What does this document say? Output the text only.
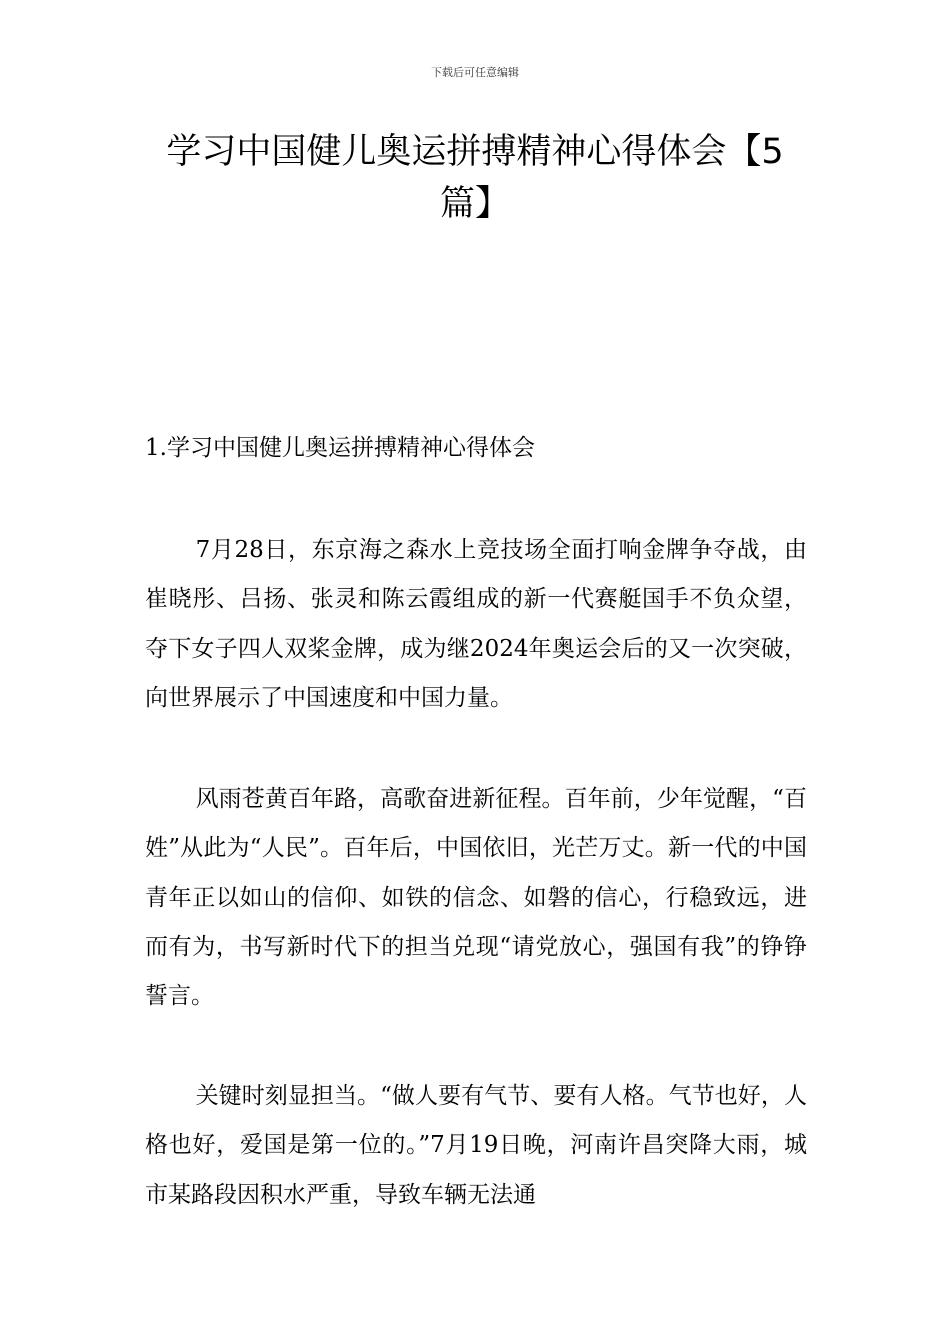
下载后可任意编辑
学习中国健儿奥运拼搏精神心得体会【5篇】
1.学习中国健儿奥运拼搏精神心得体会

7月28日，东京海之森水上竞技场全面打响金牌争夺战，由崔晓彤、吕扬、张灵和陈云霞组成的新一代赛艇国手不负众望，夺下女子四人双桨金牌，成为继2024年奥运会后的又一次突破，向世界展示了中国速度和中国力量。

风雨苍黄百年路，高歌奋进新征程。百年前，少年觉醒，“百姓”从此为“人民”。百年后，中国依旧，光芒万丈。新一代的中国青年正以如山的信仰、如铁的信念、如磐的信心，行稳致远，进而有为，书写新时代下的担当兑现“请党放心，强国有我”的铮铮誓言。

关键时刻显担当。“做人要有气节、要有人格。气节也好，人格也好，爱国是第一位的。”7月19日晚，河南许昌突降大雨，城市某路段因积水严重，导致车辆无法通
